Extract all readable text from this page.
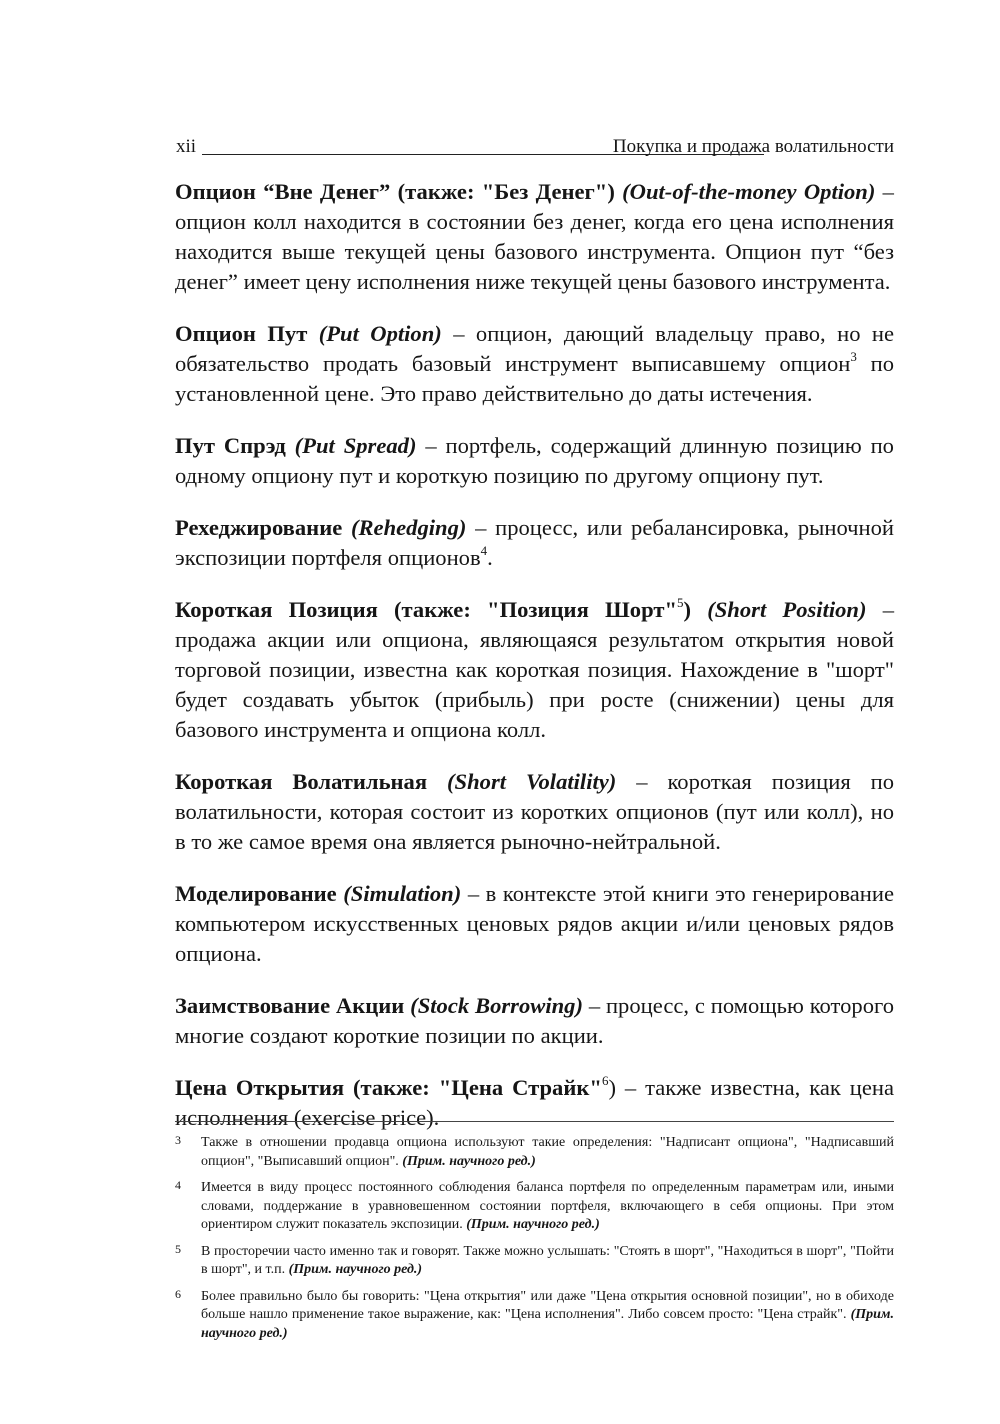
xii	Покупка и продажа волатильности

Опцион “Вне Денег” (также: "Без Денег") (Out-of-the-money Option) – опцион колл находится в состоянии без денег, когда его цена исполнения находится выше текущей цены базового инструмента. Опцион пут “без денег” имеет цену исполнения ниже текущей цены базового инструмента.

Опцион Пут (Put Option) – опцион, дающий владельцу право, но не обязательство продать базовый инструмент выписавшему опцион$^3$ по установленной цене. Это право действительно до даты истечения.

Пут Спрэд (Put Spread) – портфель, содержащий длинную позицию по одному опциону пут и короткую позицию по другому опциону пут.

Рехеджирование (Rehedging) – процесс, или ребалансировка, рыночной экспозиции портфеля опционов$^4$.

Короткая Позиция (также: "Позиция Шорт"$^5$) (Short Position) – продажа акции или опциона, являющаяся результатом открытия новой торговой позиции, известна как короткая позиция. Нахождение в "шорт" будет создавать убыток (прибыль) при росте (снижении) цены для базового инструмента и опциона колл.

Короткая Волатильная (Short Volatility) – короткая позиция по волатильности, которая состоит из коротких опционов (пут или колл), но в то же самое время она является рыночно-нейтральной.

Моделирование (Simulation) – в контексте этой книги это генерирование компьютером искусственных ценовых рядов акции и/или ценовых рядов опциона.

Заимствование Акции (Stock Borrowing) – процесс, с помощью которого многие создают короткие позиции по акции.

Цена Открытия (также: "Цена Страйк"$^6$) – также известна, как цена исполнения (exercise price).

3 Также в отношении продавца опциона используют такие определения: "Надписант опциона", "Надписавший опцион", "Выписавший опцион". (Прим. научного ред.)
4 Имеется в виду процесс постоянного соблюдения баланса портфеля по определенным параметрам или, иными словами, поддержание в уравновешенном состоянии портфеля, включающего в себя опционы. При этом ориентиром служит показатель экспозиции. (Прим. научного ред.)
5 В просторечии часто именно так и говорят. Также можно услышать: "Стоять в шорт", "Находиться в шорт", "Пойти в шорт", и т.п. (Прим. научного ред.)
6 Более правильно было бы говорить: "Цена открытия" или даже "Цена открытия основной позиции", но в обиходе больше нашло применение такое выражение, как: "Цена исполнения". Либо совсем просто: "Цена страйк". (Прим. научного ред.)
